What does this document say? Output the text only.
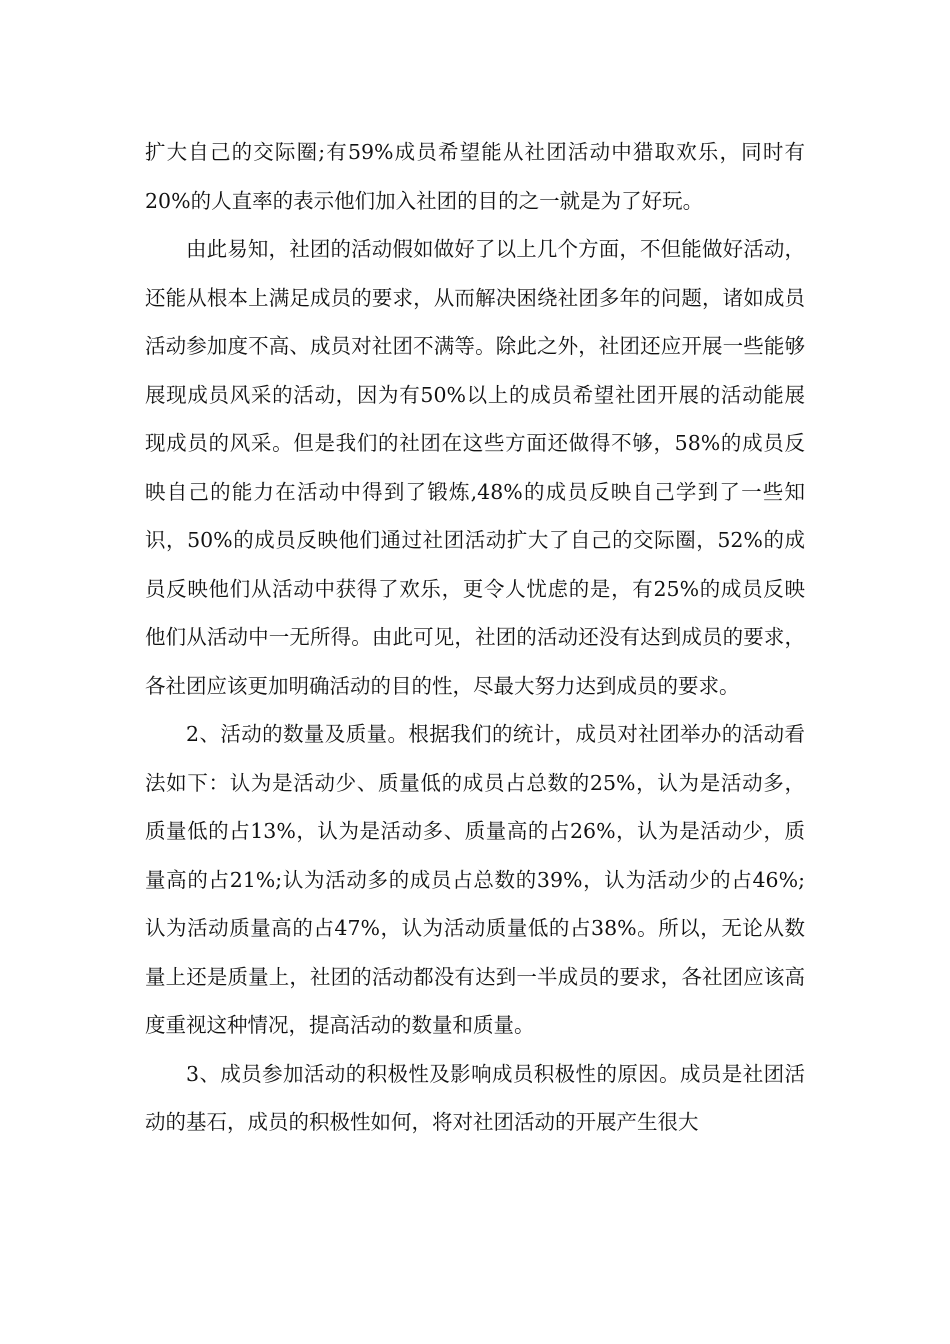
扩大自己的交际圈;有59%成员希望能从社团活动中猎取欢乐，同时有20%的人直率的表示他们加入社团的目的之一就是为了好玩。

由此易知，社团的活动假如做好了以上几个方面，不但能做好活动，还能从根本上满足成员的要求，从而解决困绕社团多年的问题，诸如成员活动参加度不高、成员对社团不满等。除此之外，社团还应开展一些能够展现成员风采的活动，因为有50%以上的成员希望社团开展的活动能展现成员的风采。但是我们的社团在这些方面还做得不够，58%的成员反映自己的能力在活动中得到了锻炼,48%的成员反映自己学到了一些知识，50%的成员反映他们通过社团活动扩大了自己的交际圈，52%的成员反映他们从活动中获得了欢乐，更令人忧虑的是，有25%的成员反映他们从活动中一无所得。由此可见，社团的活动还没有达到成员的要求，各社团应该更加明确活动的目的性，尽最大努力达到成员的要求。

2、活动的数量及质量。根据我们的统计，成员对社团举办的活动看法如下：认为是活动少、质量低的成员占总数的25%，认为是活动多，质量低的占13%，认为是活动多、质量高的占26%，认为是活动少，质量高的占21%;认为活动多的成员占总数的39%，认为活动少的占46%;认为活动质量高的占47%，认为活动质量低的占38%。所以，无论从数量上还是质量上，社团的活动都没有达到一半成员的要求，各社团应该高度重视这种情况，提高活动的数量和质量。

3、成员参加活动的积极性及影响成员积极性的原因。成员是社团活动的基石，成员的积极性如何，将对社团活动的开展产生很大
